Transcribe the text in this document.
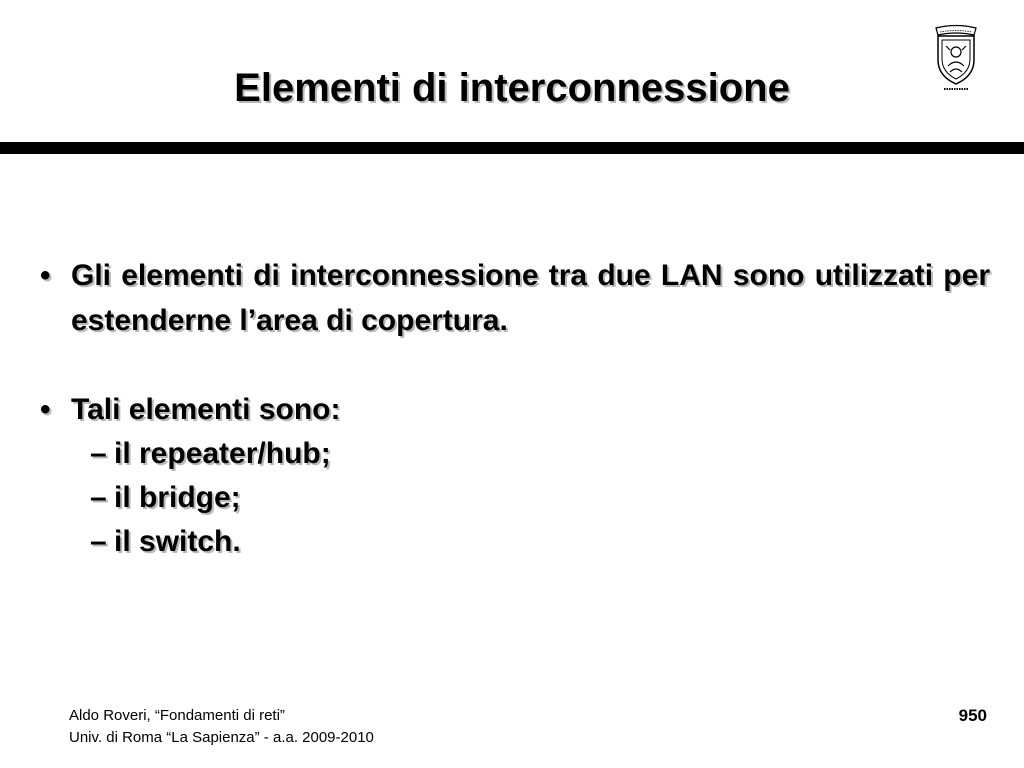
Elementi di interconnessione
• Gli elementi di interconnessione tra due LAN sono utilizzati per estenderne l’area di copertura.
• Tali elementi sono:
– il repeater/hub;
– il bridge;
– il switch.
Aldo Roveri, “Fondamenti di reti”
Univ. di Roma “La Sapienza” - a.a. 2009-2010
950
